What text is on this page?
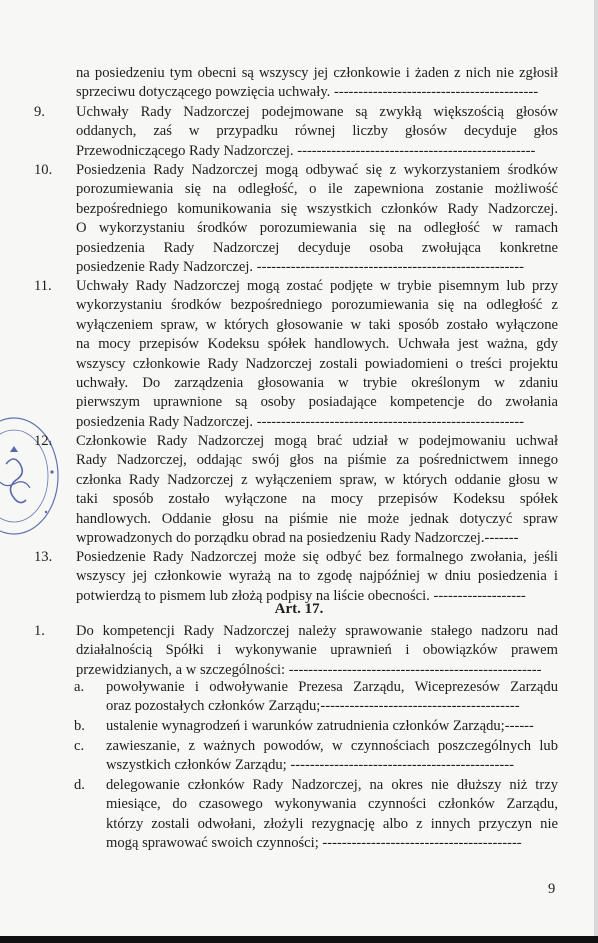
na posiedzeniu tym obecni są wszyscy jej członkowie i żaden z nich nie zgłosił
sprzeciwu dotyczącego powzięcia uchwały. ------------------------------------------
9. Uchwały Rady Nadzorczej podejmowane są zwykłą większością głosów
oddanych, zaś w przypadku równej liczby głosów decyduje głos
Przewodniczącego Rady Nadzorczej. -------------------------------------------------
10. Posiedzenia Rady Nadzorczej mogą odbywać się z wykorzystaniem środków
porozumiewania się na odległość, o ile zapewniona zostanie możliwość
bezpośredniego komunikowania się wszystkich członków Rady Nadzorczej.
O wykorzystaniu środków porozumiewania się na odległość w ramach
posiedzenia Rady Nadzorczej decyduje osoba zwołująca konkretne
posiedzenie Rady Nadzorczej. -------------------------------------------------------
11. Uchwały Rady Nadzorczej mogą zostać podjęte w trybie pisemnym lub przy
wykorzystaniu środków bezpośredniego porozumiewania się na odległość z
wyłączeniem spraw, w których głosowanie w taki sposób zostało wyłączone
na mocy przepisów Kodeksu spółek handlowych. Uchwała jest ważna, gdy
wszyscy członkowie Rady Nadzorczej zostali powiadomieni o treści projektu
uchwały. Do zarządzenia głosowania w trybie określonym w zdaniu
pierwszym uprawnione są osoby posiadające kompetencje do zwołania
posiedzenia Rady Nadzorczej. -------------------------------------------------------
12. Członkowie Rady Nadzorczej mogą brać udział w podejmowaniu uchwał
Rady Nadzorczej, oddając swój głos na piśmie za pośrednictwem innego
członka Rady Nadzorczej z wyłączeniem spraw, w których oddanie głosu w
taki sposób zostało wyłączone na mocy przepisów Kodeksu spółek
handlowych. Oddanie głosu na piśmie nie może jednak dotyczyć spraw
wprowadzonych do porządku obrad na posiedzeniu Rady Nadzorczej.-------
13. Posiedzenie Rady Nadzorczej może się odbyć bez formalnego zwołania, jeśli
wszyscy jej członkowie wyrażą na to zgodę najpóźniej w dniu posiedzenia i
potwierdzą to pismem lub złożą podpisy na liście obecności. -------------------
Art. 17.
1. Do kompetencji Rady Nadzorczej należy sprawowanie stałego nadzoru nad
działalnością Spółki i wykonywanie uprawnień i obowiązków prawem
przewidzianych, a w szczególności: ----------------------------------------------------
a. powoływanie i odwoływanie Prezesa Zarządu, Wiceprezesów Zarządu
oraz pozostałych członków Zarządu;-----------------------------------------
b. ustalenie wynagrodzeń i warunków zatrudnienia członków Zarządu;------
c. zawieszanie, z ważnych powodów, w czynnościach poszczególnych lub
wszystkich członków Zarządu; ----------------------------------------------
d. delegowanie członków Rady Nadzorczej, na okres nie dłuższy niż trzy
miesiące, do czasowego wykonywania czynności członków Zarządu,
którzy zostali odwołani, złożyli rezygnację albo z innych przyczyn nie
mogą sprawować swoich czynności; -----------------------------------------
9
